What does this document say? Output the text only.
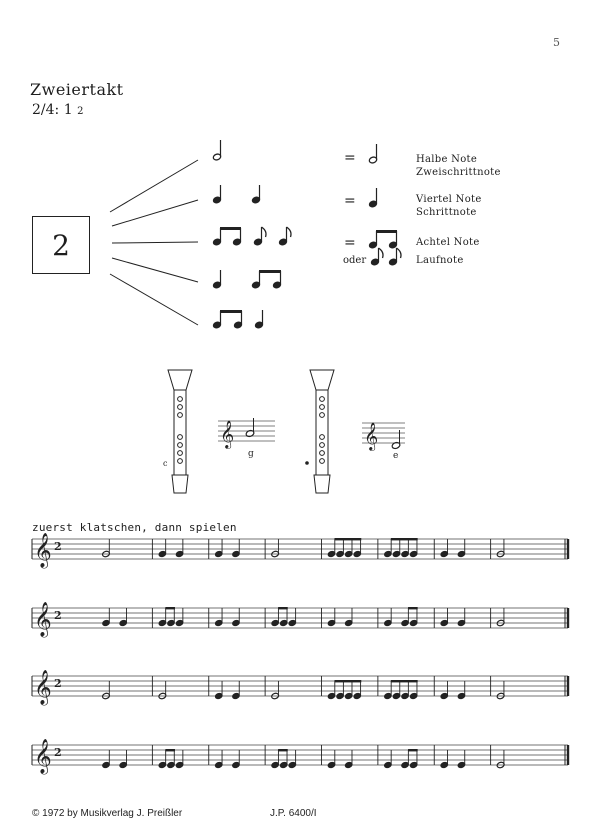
5
Zweiertakt
2/4: 1 2
2
=	Halbe Note
Zweischrittnote
=	Viertel Note
Schrittnote
=
oder
Achtel Note
Laufnote
c
𝄞
g
𝄞
e
zuerst klatschen, dann spielen
𝄞 2
𝄞 2
𝄞 2
𝄞 2
© 1972 by Musikverlag J. Preißler	J.P. 6400/I
